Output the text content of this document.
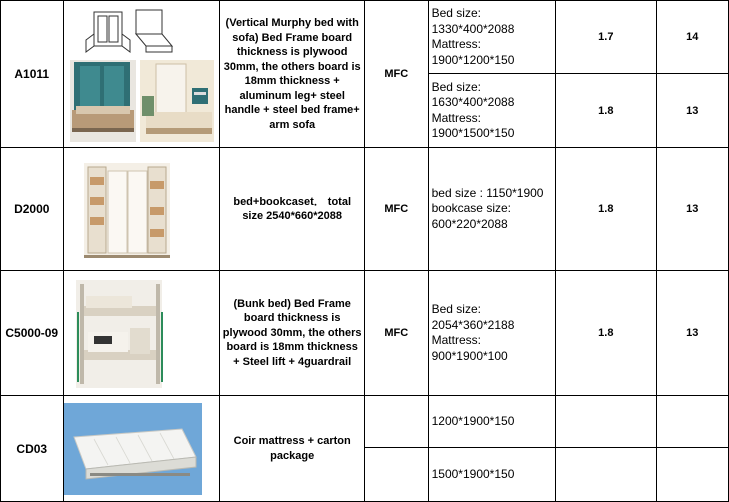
A1011		(Vertical Murphy bed with sofa) Bed Frame board thickness is plywood 30mm, the others board is 18mm thickness + aluminum leg+ steel handle + steel bed frame+ arm sofa	MFC	Bed size:
1330*400*2088
Mattress:
1900*1200*150	1.7	14

				Bed size:
1630*400*2088
Mattress:
1900*1500*150	1.8	13
D2000		bed+bookcaset． total size 2540*660*2088	MFC	bed size : 1150*1900
bookcase size:
600*220*2088	1.8	13
C5000-09		(Bunk bed) Bed Frame board thickness is plywood 30mm, the others board is 18mm thickness + Steel lift + 4guardrail	MFC	Bed size:
2054*360*2188
Mattress:
900*1900*100	1.8	13
CD03		Coir mattress + carton package		1200*1900*150		

				1500*1900*150		
